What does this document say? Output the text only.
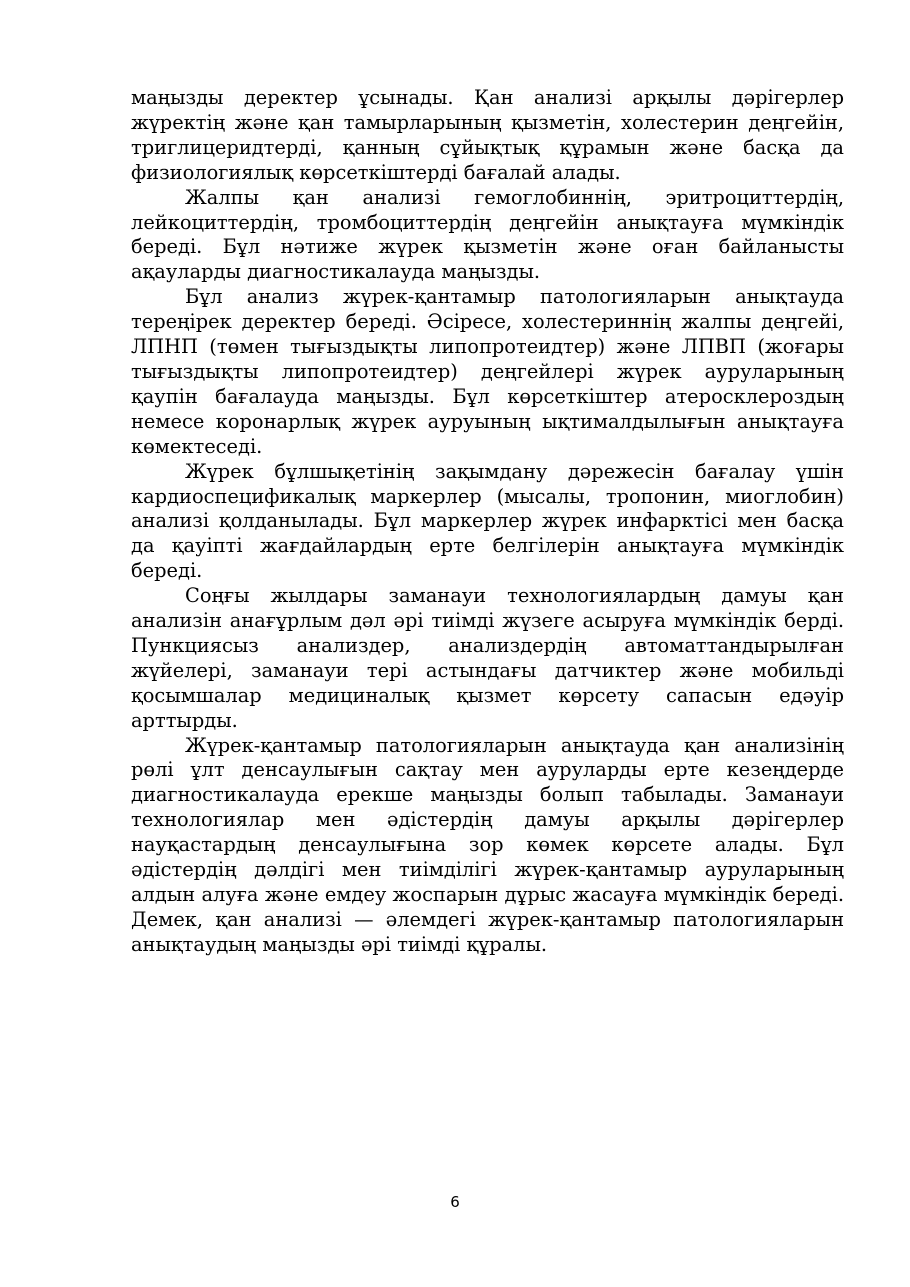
маңызды деректер ұсынады. Қан анализі арқылы дәрігерлер жүректің және қан тамырларының қызметін, холестерин деңгейін, триглицеридтерді, қанның сұйықтық құрамын және басқа да физиологиялық көрсеткіштерді бағалай алады.

Жалпы қан анализі гемоглобиннің, эритроциттердің, лейкоциттердің, тромбоциттердің деңгейін анықтауға мүмкіндік береді. Бұл нәтиже жүрек қызметін және оған байланысты ақауларды диагностикалауда маңызды.

Бұл анализ жүрек-қантамыр патологияларын анықтауда тереңірек деректер береді. Әсіресе, холестериннің жалпы деңгейі, ЛПНП (төмен тығыздықты липопротеидтер) және ЛПВП (жоғары тығыздықты липопротеидтер) деңгейлері жүрек ауруларының қаупін бағалауда маңызды. Бұл көрсеткіштер атеросклероздың немесе коронарлық жүрек ауруының ықтималдылығын анықтауға көмектеседі.

Жүрек бұлшықетінің зақымдану дәрежесін бағалау үшін кардиоспецификалық маркерлер (мысалы, тропонин, миоглобин) анализі қолданылады. Бұл маркерлер жүрек инфарктісі мен басқа да қауіпті жағдайлардың ерте белгілерін анықтауға мүмкіндік береді.

Соңғы жылдары заманауи технологиялардың дамуы қан анализін анағұрлым дәл әрі тиімді жүзеге асыруға мүмкіндік берді. Пункциясыз анализдер, анализдердің автоматтандырылған жүйелері, заманауи тері астындағы датчиктер және мобильді қосымшалар медициналық қызмет көрсету сапасын едәуір арттырды.

Жүрек-қантамыр патологияларын анықтауда қан анализінің рөлі ұлт денсаулығын сақтау мен ауруларды ерте кезеңдерде диагностикалауда ерекше маңызды болып табылады. Заманауи технологиялар мен әдістердің дамуы арқылы дәрігерлер науқастардың денсаулығына зор көмек көрсете алады. Бұл әдістердің дәлдігі мен тиімділігі жүрек-қантамыр ауруларының алдын алуға және емдеу жоспарын дұрыс жасауға мүмкіндік береді. Демек, қан анализі — әлемдегі жүрек-қантамыр патологияларын анықтаудың маңызды әрі тиімді құралы.

6
